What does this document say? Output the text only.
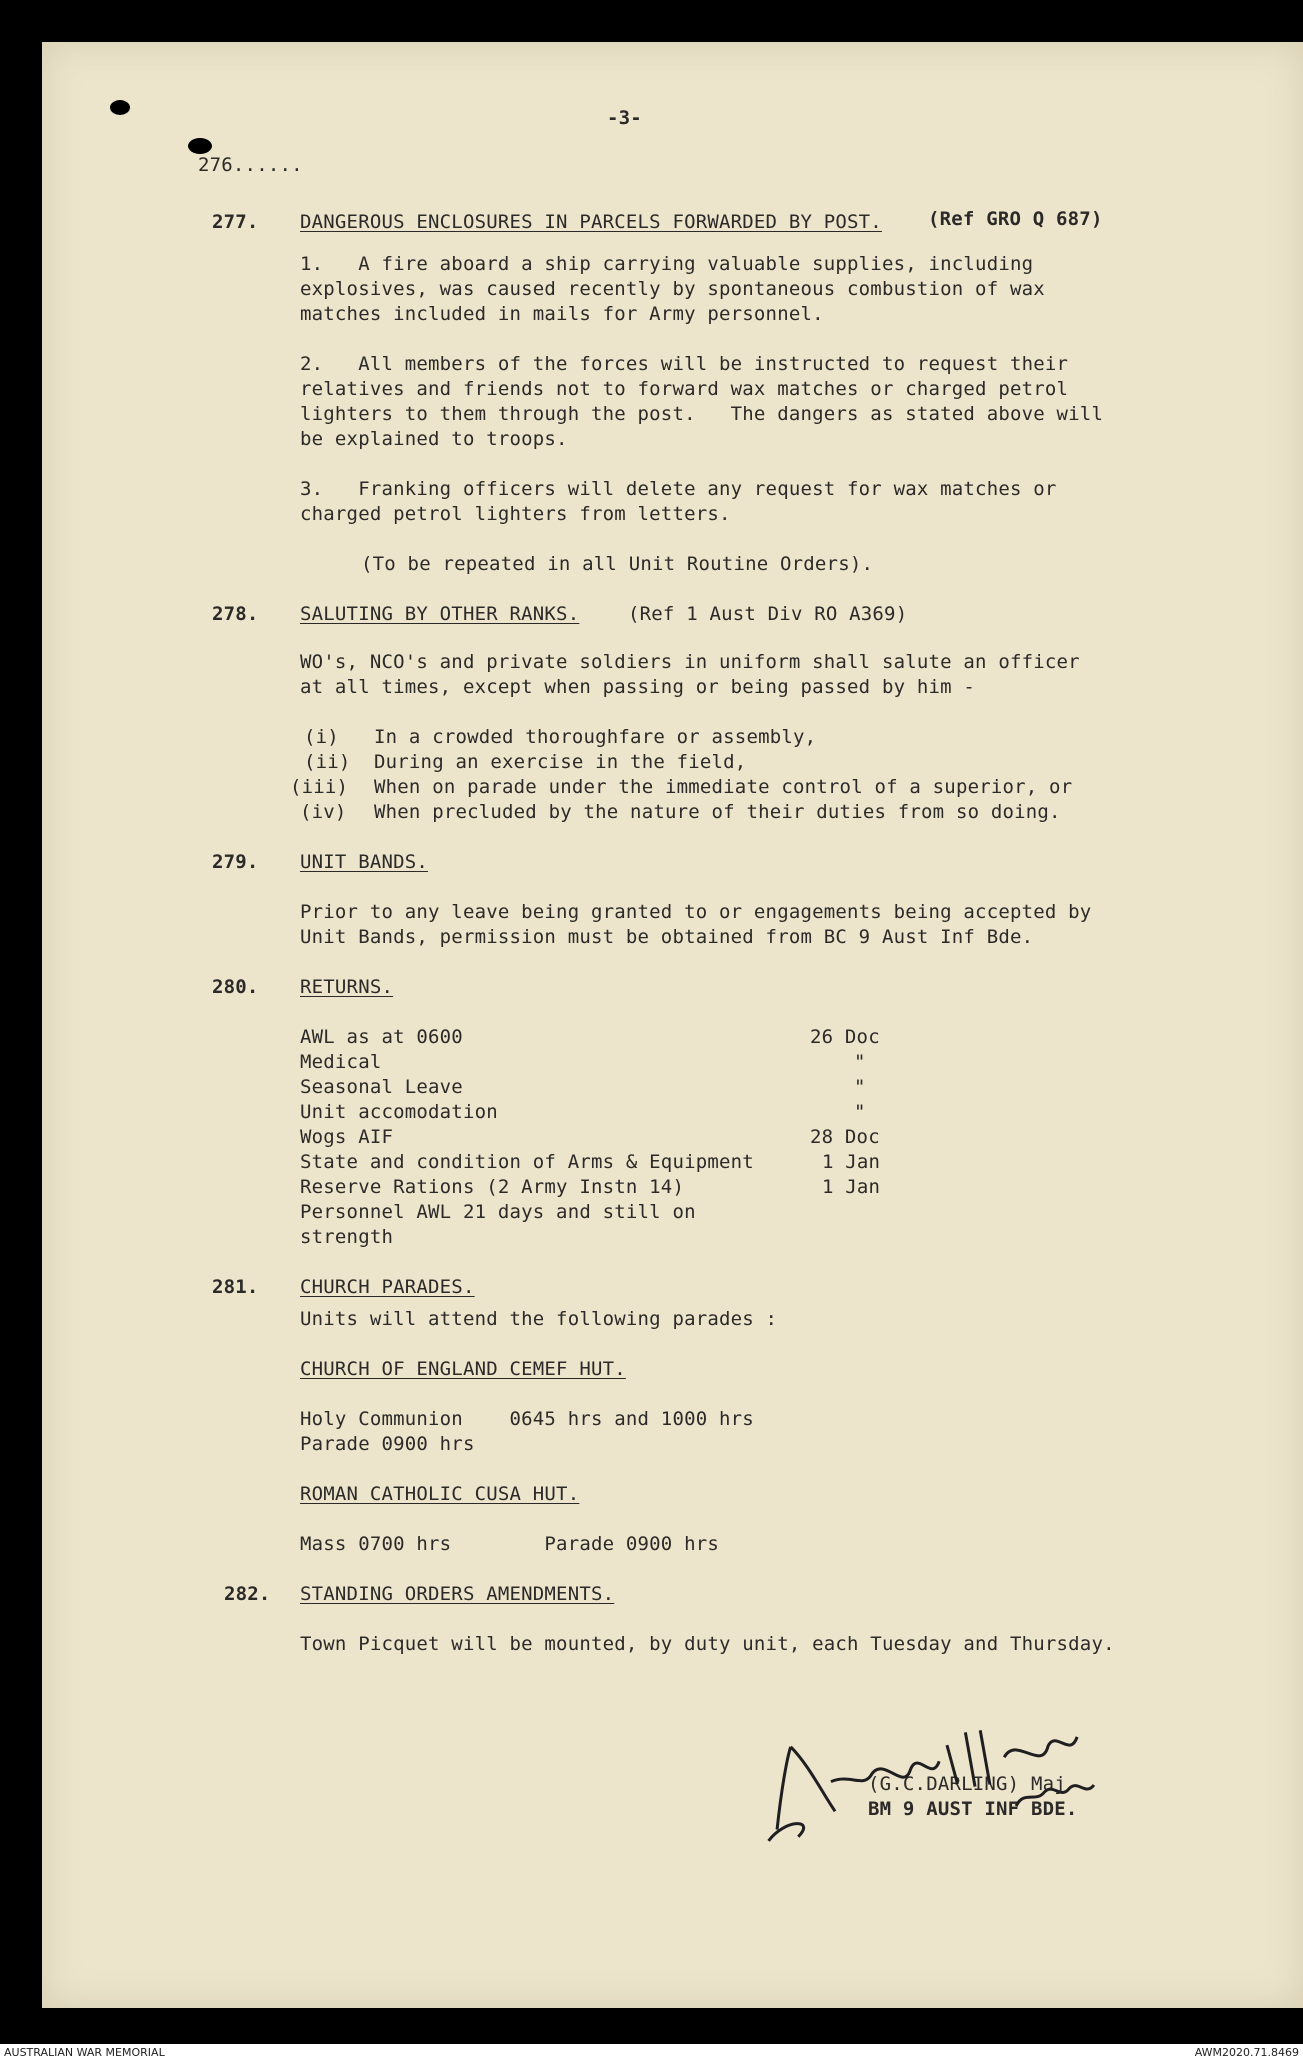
-3-
276......
277. DANGEROUS ENCLOSURES IN PARCELS FORWARDED BY POST. (Ref GRO Q 687)
1.   A fire aboard a ship carrying valuable supplies, including
explosives, was caused recently by spontaneous combustion of wax
matches included in mails for Army personnel.
2.   All members of the forces will be instructed to request their
relatives and friends not to forward wax matches or charged petrol
lighters to them through the post.   The dangers as stated above will
be explained to troops.
3.   Franking officers will delete any request for wax matches or
charged petrol lighters from letters.
(To be repeated in all Unit Routine Orders).
278. SALUTING BY OTHER RANKS.	(Ref 1 Aust Div RO A369)
WO's, NCO's and private soldiers in uniform shall salute an officer
at all times, except when passing or being passed by him -
(i) In a crowded thoroughfare or assembly,
(ii) During an exercise in the field,
(iii) When on parade under the immediate control of a superior, or
(iv) When precluded by the nature of their duties from so doing.
279. UNIT BANDS.
Prior to any leave being granted to or engagements being accepted by
Unit Bands, permission must be obtained from BC 9 Aust Inf Bde.
280. RETURNS.
AWL as at 0600	26 Doc
Medical	"
Seasonal Leave	"
Unit accomodation	"
Wogs AIF	28 Doc
State and condition of Arms & Equipment	1 Jan
Reserve Rations (2 Army Instn 14)	1 Jan
Personnel AWL 21 days and still on
strength
281. CHURCH PARADES.
Units will attend the following parades :
CHURCH OF ENGLAND CEMEF HUT.
Holy Communion    0645 hrs and 1000 hrs
Parade 0900 hrs
ROMAN CATHOLIC CUSA HUT.
Mass 0700 hrs        Parade 0900 hrs
282. STANDING ORDERS AMENDMENTS.
Town Picquet will be mounted, by duty unit, each Tuesday and Thursday.
(G.C.DARLING) Maj
BM 9 AUST INF BDE.
AUSTRALIAN WAR MEMORIAL	AWM2020.71.8469
